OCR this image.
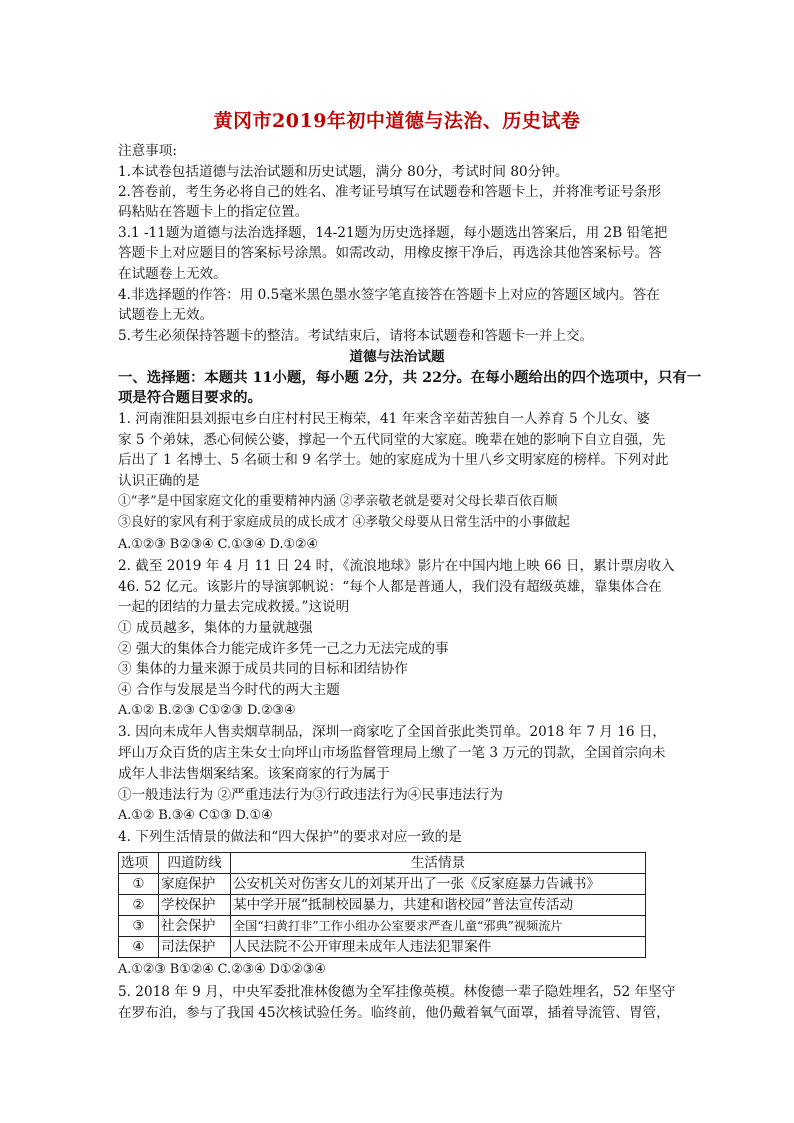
黄冈市2019年初中道德与法治、历史试卷
注意事项:
1.本试卷包括道德与法治试题和历史试题，满分 80分，考试时间 80分钟。
2.答卷前，考生务必将自己的姓名、准考证号填写在试题卷和答题卡上，并将准考证号条形
码粘贴在答题卡上的指定位置。
3.1 -11题为道德与法治选择题，14-21题为历史选择题，每小题选出答案后，用 2B 铅笔把
答题卡上对应题目的答案标号涂黑。如需改动，用橡皮擦干净后，再选涂其他答案标号。答
在试题卷上无效。
4.非选择题的作答：用 0.5毫米黑色墨水签字笔直接答在答题卡上对应的答题区域内。答在
试题卷上无效。
5.考生必须保持答题卡的整洁。考试结束后，请将本试题卷和答题卡一并上交。
道德与法治试题
一、选择题：本题共 11小题，每小题 2分，共 22分。在每小题给出的四个选项中，只有一
项是符合题目要求的。
1. 河南淮阳县刘振屯乡白庄村村民王梅荣，41 年来含辛茹苦独自一人养育 5 个儿女、婆
家 5 个弟妹，悉心伺候公婆，撑起一个五代同堂的大家庭。晚辈在她的影响下自立自强，先
后出了 1 名博士、5 名硕士和 9 名学士。她的家庭成为十里八乡文明家庭的榜样。下列对此
认识正确的是
①“孝”是中国家庭文化的重要精神内涵 ②孝亲敬老就是要对父母长辈百依百顺
③良好的家风有利于家庭成员的成长成才 ④孝敬父母要从日常生活中的小事做起
A.①②③ B②③④ C.①③④ D.①②④
2. 截至 2019 年 4 月 11 日 24 时，《流浪地球》影片在中国内地上映 66 日，累计票房收入
46. 52 亿元。该影片的导演郭帆说：“每个人都是普通人，我们没有超级英雄，靠集体合在
一起的团结的力量去完成救援。”这说明
① 成员越多，集体的力量就越强
② 强大的集体合力能完成许多凭一己之力无法完成的事
③ 集体的力量来源于成员共同的目标和团结协作
④ 合作与发展是当今时代的两大主题
A.①② B.②③ C①②③ D.②③④
3. 因向未成年人售卖烟草制品，深圳一商家吃了全国首张此类罚单。2018 年 7 月 16 日，
坪山万众百货的店主朱女士向坪山市场监督管理局上缴了一笔 3 万元的罚款，全国首宗向未
成年人非法售烟案结案。该案商家的行为属于
①一般违法行为 ②严重违法行为③行政违法行为④民事违法行为
A.①② B.③④ C①③ D.①④
4. 下列生活情景的做法和“四大保护”的要求对应一致的是
选项	四道防线	生活情景
①	家庭保护	公安机关对伤害女儿的刘某开出了一张《反家庭暴力告诫书》
②	学校保护	某中学开展“抵制校园暴力，共建和谐校园”普法宣传活动
③	社会保护	全国“扫黄打非”工作小组办公室要求严查儿童“邪典”视频流片
④	司法保护	人民法院不公开审理未成年人违法犯罪案件
A.①②③ B①②④ C.②③④ D①②③④
5. 2018 年 9 月，中央军委批准林俊德为全军挂像英模。林俊德一辈子隐姓埋名，52 年坚守
在罗布泊，参与了我国 45次核试验任务。临终前，他仍戴着氧气面罩，插着导流管、胃管，
